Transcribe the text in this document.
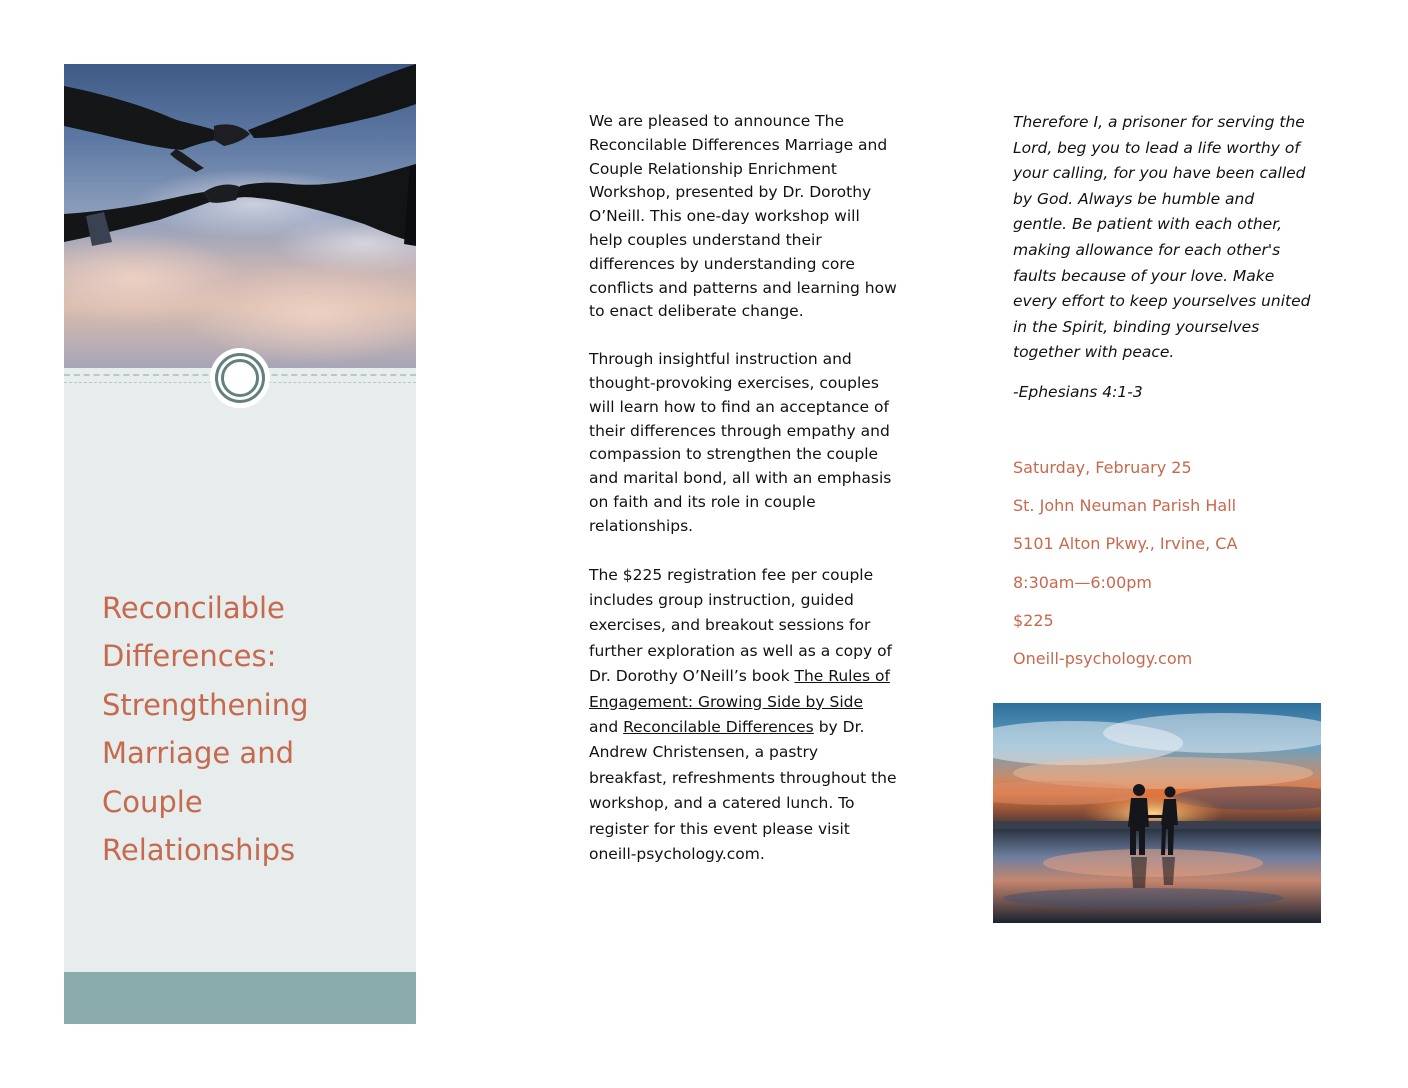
Reconcilable Differences: Strengthening Marriage and Couple Relationships

We are pleased to announce The Reconcilable Differences Marriage and Couple Relationship Enrichment Workshop, presented by Dr. Dorothy O’Neill. This one-day workshop will help couples understand their differences by understanding core conflicts and patterns and learning how to enact deliberate change.

Through insightful instruction and thought-provoking exercises, couples will learn how to find an acceptance of their differences through empathy and compassion to strengthen the couple and marital bond, all with an emphasis on faith and its role in couple relationships.

The $225 registration fee per couple includes group instruction, guided exercises, and breakout sessions for further exploration as well as a copy of Dr. Dorothy O’Neill’s book The Rules of Engagement: Growing Side by Side and Reconcilable Differences by Dr. Andrew Christensen, a pastry breakfast, refreshments throughout the workshop, and a catered lunch. To register for this event please visit oneill-psychology.com.

Therefore I, a prisoner for serving the Lord, beg you to lead a life worthy of your calling, for you have been called by God. Always be humble and gentle. Be patient with each other, making allowance for each other's faults because of your love. Make every effort to keep yourselves united in the Spirit, binding yourselves together with peace.

-Ephesians 4:1-3

Saturday, February 25
St. John Neuman Parish Hall
5101 Alton Pkwy., Irvine, CA
8:30am—6:00pm
$225
Oneill-psychology.com
